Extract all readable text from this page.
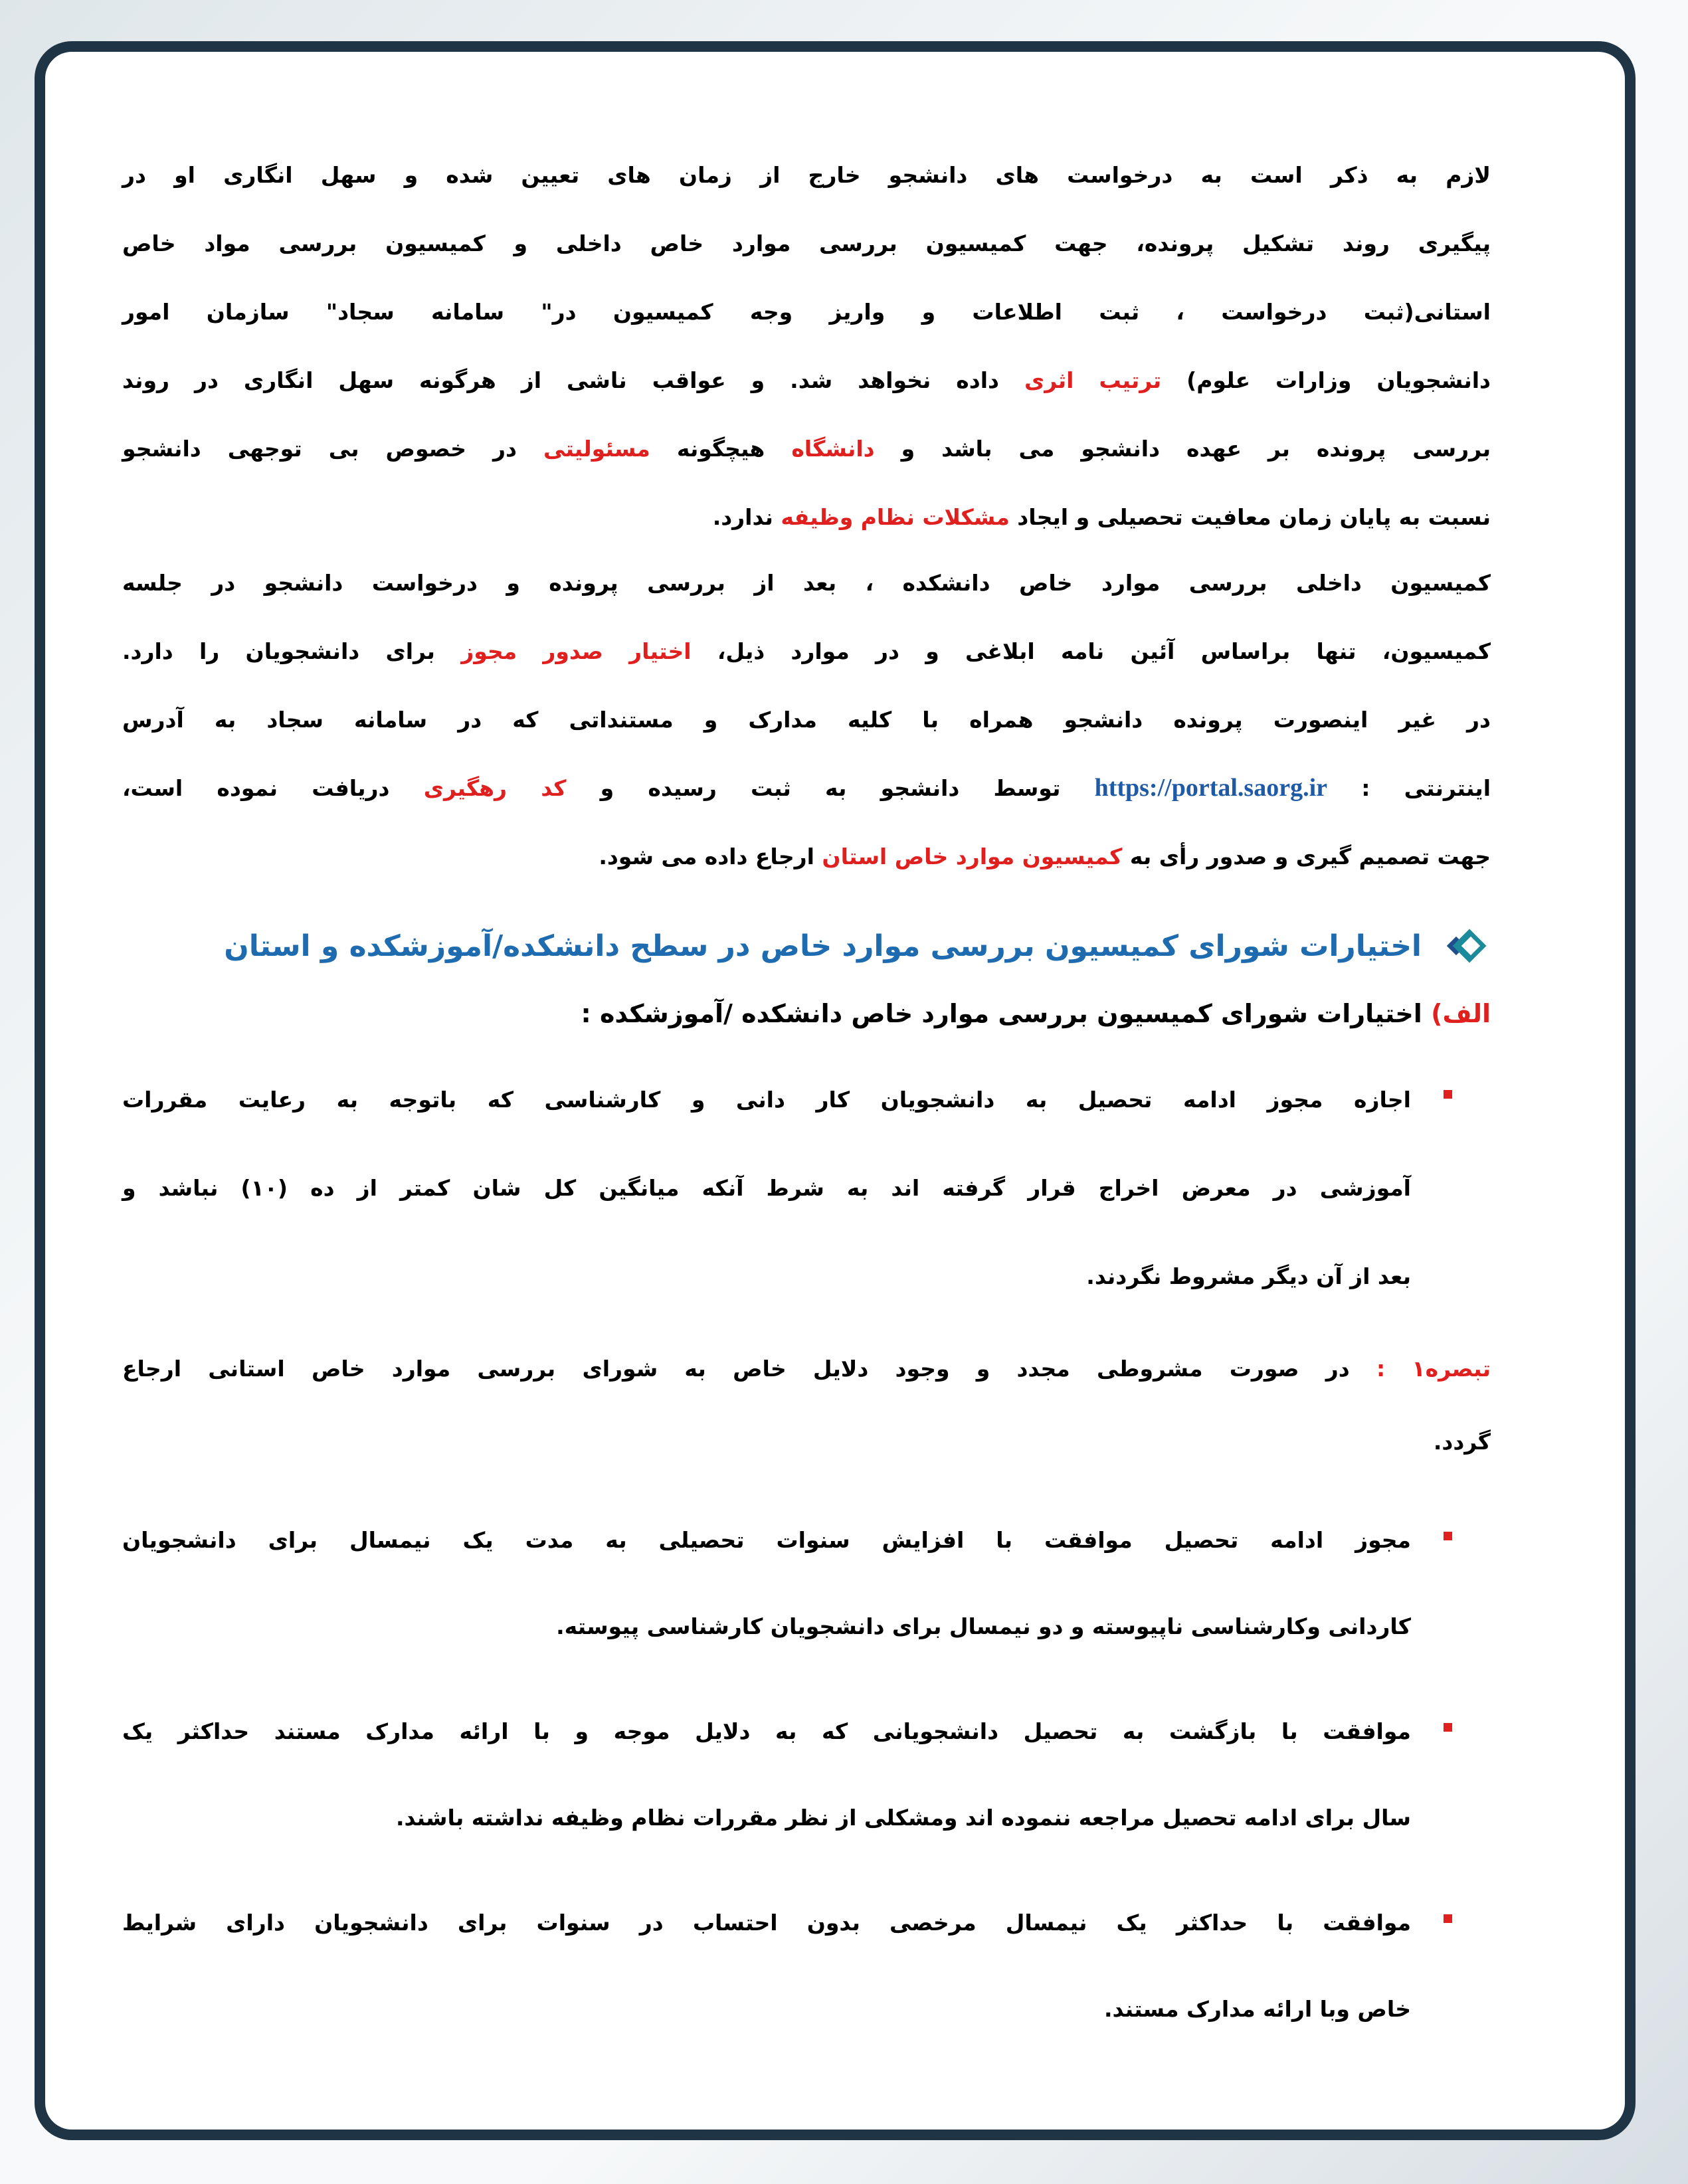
لازم به ذکر است به درخواست های دانشجو خارج از زمان های تعیین شده و سهل انگاری او در

پیگیری روند تشکیل پرونده، جهت کمیسیون بررسی موارد خاص داخلی و کمیسیون بررسی مواد خاص

استانی(ثبت درخواست ، ثبت اطلاعات و واریز وجه کمیسیون در" سامانه سجاد" سازمان امور

دانشجویان وزارات علوم) ترتیب اثری داده نخواهد شد. و عواقب ناشی از هرگونه سهل انگاری در روند

بررسی پرونده بر عهده دانشجو می باشد و دانشگاه هیچگونه مسئولیتی در خصوص بی توجهی دانشجو

نسبت به پایان زمان معافیت تحصیلی و ایجاد مشکلات نظام وظیفه ندارد.

کمیسیون داخلی بررسی موارد خاص دانشکده ، بعد از بررسی پرونده و درخواست دانشجو در جلسه

کمیسیون، تنها براساس آئین نامه ابلاغی و در موارد ذیل، اختیار صدور مجوز برای دانشجویان را دارد.

در غیر اینصورت پرونده دانشجو همراه با کلیه مدارک و مستنداتی که در سامانه سجاد به آدرس

اینترنتی : https://portal.saorg.ir توسط دانشجو به ثبت رسیده و کد رهگیری دریافت نموده است،

جهت تصمیم گیری و صدور رأی به کمیسیون موارد خاص استان ارجاع داده می شود.

اختیارات شورای کمیسیون بررسی موارد خاص در سطح دانشکده/آموزشکده و استان
الف) اختیارات شورای کمیسیون بررسی موارد خاص دانشکده /آموزشکده :

اجازه مجوز ادامه تحصیل به دانشجویان کار دانی و کارشناسی که باتوجه به رعایت مقررات

آموزشی در معرض اخراج قرار گرفته اند به شرط آنکه میانگین کل شان کمتر از ده (۱۰) نباشد و

بعد از آن دیگر مشروط نگردند.

تبصره۱ : در صورت مشروطی مجدد و وجود دلایل خاص به شورای بررسی موارد خاص استانی ارجاع

گردد.

مجوز ادامه تحصیل موافقت با افزایش سنوات تحصیلی به مدت یک نیمسال برای دانشجویان

کاردانی وکارشناسی ناپیوسته و دو نیمسال برای دانشجویان کارشناسی پیوسته.

موافقت با بازگشت به تحصیل دانشجویانی که به دلایل موجه و با ارائه مدارک مستند حداکثر یک

سال برای ادامه تحصیل مراجعه ننموده اند ومشکلی از نظر مقررات نظام وظیفه نداشته باشند.

موافقت با حداکثر یک نیمسال مرخصی بدون احتساب در سنوات برای دانشجویان دارای شرایط

خاص وبا ارائه مدارک مستند.
